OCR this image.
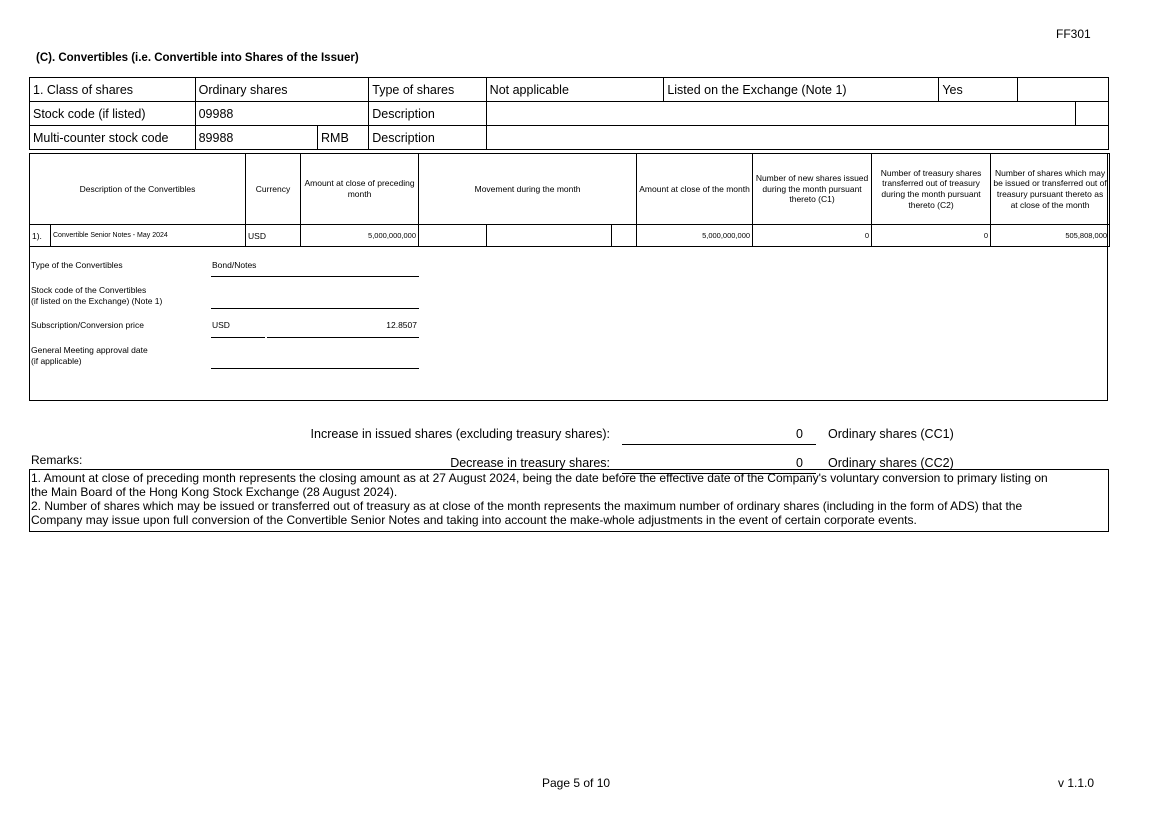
FF301
(C). Convertibles (i.e. Convertible into Shares of the Issuer)
1. Class of shares	Ordinary shares		Type of shares	Not applicable	Listed on the Exchange (Note 1)	Yes		
Stock code (if listed)	09988		Description					
Multi-counter stock code	89988	RMB	Description					
Description of the Convertibles		Currency	Amount at close of preceding month	Movement during the month			Amount at close of the month	Number of new shares issued during the month pursuant thereto (C1)	Number of treasury shares transferred out of treasury during the month pursuant thereto (C2)	Number of shares which may be issued or transferred out of treasury pursuant thereto as at close of the month
1).	Convertible Senior Notes - May 2024	USD	5,000,000,000				5,000,000,000	0	0	505,808,000
Type of the Convertibles	Bond/Notes
Stock code of the Convertibles
(if listed on the Exchange) (Note 1)
Subscription/Conversion price	USD	12.8507
General Meeting approval date
(if applicable)
Increase in issued shares (excluding treasury shares):	0 Ordinary shares (CC1)
Decrease in treasury shares:	0 Ordinary shares (CC2)
Remarks:
1. Amount at close of preceding month represents the closing amount as at 27 August 2024, being the date before the effective date of the Company's voluntary conversion to primary listing on
the Main Board of the Hong Kong Stock Exchange (28 August 2024).
2. Number of shares which may be issued or transferred out of treasury as at close of the month represents the maximum number of ordinary shares (including in the form of ADS) that the
Company may issue upon full conversion of the Convertible Senior Notes and taking into account the make-whole adjustments in the event of certain corporate events.
Page 5 of 10	v 1.1.0
